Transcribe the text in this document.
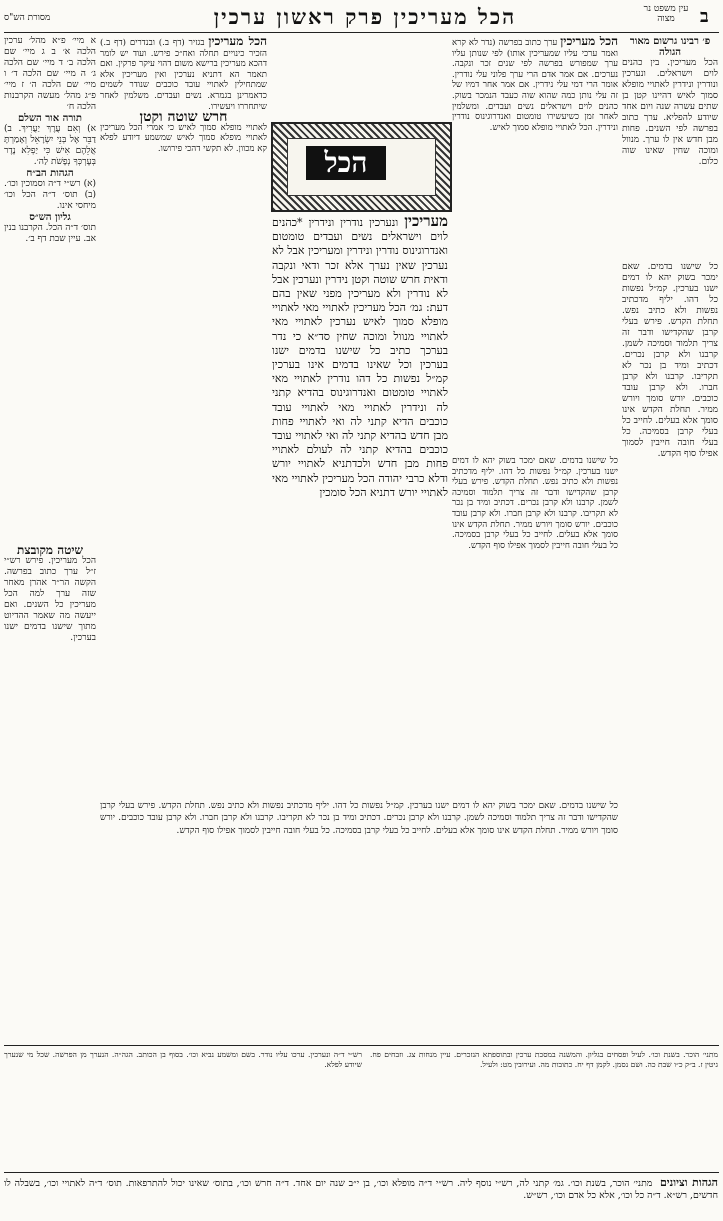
מסורת הש"ס	הכל מעריכין פרק ראשון ערכין	עין משפט נר מצוה	ב

פ׳ רבינו גרשום מאור הגולה

הכל מעריכין. בין כהנים לוים וישראלים. ונערכין ונודרין ונידרין לאתויי מופלא סמוך לאיש דהיינו קטן בן שתים עשרה שנה ויום אחד שיודע להפליא. ערך כתוב בפרשה לפי השנים. פחות מבן חדש אין לו ערך. מנוול ומוכה שחין שאינו שוה כלום.

הכל מעריכין ערך כתוב בפרשה (נדר לא קרא ואמר ערכי עליו שמעריכין אותו) לפי שנותן עליו ערך שמפורש בפרשה לפי שנים זכר ונקבה. נערכים. אם אמר אדם הרי ערך פלוני עלי נודרין. אומר הרי דמי עלי נידרין. אם אמר אחר דמיו של זה עלי נותן כמה שהוא שוה כעבד הנמכר בשוק. כהנים לוים וישראלים נשים ועבדים. ומשלמין לאחר זמן כשיעשירו טומטום ואנדרוגינוס נודרין ונידרין. הכל לאתויי מופלא סמוך לאיש.

הכל מעריכין בגזיר (דף ב.) ובנדרים (דף ב.) הזכיר כינויים תחלה ואח״כ פירש. ועוד יש לומר דהכא מעריכין ברישא משום דהוי עיקר פרקין. ואם תאמר הא דתניא נערכין ואין מעריכין אלא שמתחילין לאתויי עובד כוכבים שנודר לשמים כדאמרינן בגמרא. נשים ועבדים. משלמין לאחר שיתחררו ויעשירו.

חרש שוטה וקטן

לאתויי מופלא סמוך לאיש כי אמרי הכל מעריכין לאתויי מופלא סמוך לאיש שמשמע דיודע לפלא קא מכוון. לא תקשי דהכי פירושו.

א מיי׳ פ״א מהל׳ ערכין הלכה א׳ ב ג מיי׳ שם הלכה ב׳ ד מיי׳ שם הלכה ג׳ ה מיי׳ שם הלכה ד׳ ו מיי׳ שם הלכה ה׳ ז מיי׳ פ״ג מהל׳ מעשה הקרבנות הלכה ח׳

תורה אור השלם

א) וְאִם עֲרֶךְ יַעֲרִיךְ. ב) דַבֵּר אֶל בְּנֵי יִשְׂרָאֵל וְאָמַרְתָּ אֲלֵהֶם אִישׁ כִּי יַפְלִא נֶדֶר בְּעֶרְכְּךָ נְפָשֹׁת לַה׳.

הגהות הב״ח

(א) רש״י ד״ה וסמוכין וכו׳. (ב) תוס׳ ד״ה הכל וכו׳ מיחסי אינו.

גליון הש״ס

תוס׳ ד״ה הכל. הקרבנו בנין אב. עיין שבת דף ב׳.

שיטה מקובצת

הכל מעריכין. פירש רש״י ז״ל ערך כתוב בפרשה. הקשה הר״ר אהרן מאחר שזה ערך למה הכל מעריכין כל השנים. ואם ייעשה מה שאמר ההדיוט מתוך שישנו בדמים ישנו בערכין.

הכל

מעריכין ונערכין נודרין ונידרין *כהנים לוים וישראלים נשים ועבדים טומטום ואנדרוגינוס נודרין ונידרין ומעריכין אבל לא נערכין שאין נערך אלא זכר ודאי ונקבה ודאית חרש שוטה וקטן נידרין ונערכין אבל לא נודרין ולא מעריכין מפני שאין בהם דעת: גמ׳ הכל מעריכין לאתויי מאי לאתויי מופלא סמוך לאיש נערכין לאתויי מאי לאתויי מנוול ומוכה שחין סד״א כי נדר בערכך כתיב כל שישנו בדמים ישנו בערכין וכל שאינו בדמים אינו בערכין קמ״ל נפשות כל דהו נודרין לאתויי מאי לאתויי טומטום ואנדרוגינוס בהדיא קתני לה ונידרין לאתויי מאי לאתויי עובד כוכבים הדיא קתני לה ואי לאתויי פחות מבן חדש בהדיא קתני לה ואי לאתויי עובד כוכבים בהדיא קתני לה לעולם לאתויי פחות מבן חדש ולכדתניא לאתויי יורש ודלא כרבי יהודה הכל מעריכין לאתויי מאי לאתויי יורש דתניא הכל סומכין

כל שישנו בדמים. שאם ימכר בשוק יהא לו דמים ישנו בערכין. קמ״ל נפשות כל דהו. יליף מדכתיב נפשות ולא כתיב נפש. תחלת הקדש. פירש בעלי קרבן שהקדישו ודבר זה צריך תלמוד וסמיכה לשמן. קרבנו ולא קרבן נכרים. דכתיב ומיד בן נכר לא תקריבו. קרבנו ולא קרבן חברו. ולא קרבן עובד כוכבים. יורש סומך ויורש ממיר. תחלת הקדש אינו סומך אלא בעלים. לחייב כל בעלי קרבן בסמיכה. כל בעלי חובה חייבין לסמוך אפילו סוף הקדש.

כל שישנו בדמים. שאם ימכר בשוק יהא לו דמים ישנו בערכין. קמ״ל נפשות כל דהו. יליף מדכתיב נפשות ולא כתיב נפש. תחלת הקדש. פירש בעלי קרבן שהקדישו ודבר זה צריך תלמוד וסמיכה לשמן. קרבנו ולא קרבן נכרים. דכתיב ומיד בן נכר לא תקריבו. קרבנו ולא קרבן חברו. ולא קרבן עובד כוכבים. יורש סומך ויורש ממיר. תחלת הקדש אינו סומך אלא בעלים. לחייב כל בעלי קרבן בסמיכה. כל בעלי חובה חייבין לסמוך אפילו סוף הקדש.

כל שישנו בדמים. שאם ימכר בשוק יהא לו דמים ישנו בערכין. קמ״ל נפשות כל דהו. יליף מדכתיב נפשות ולא כתיב נפש. תחלת הקדש. פירש בעלי קרבן שהקדישו ודבר זה צריך תלמוד וסמיכה לשמן. קרבנו ולא קרבן נכרים. דכתיב ומיד בן נכר לא תקריבו. קרבנו ולא קרבן חברו. ולא קרבן עובד כוכבים. יורש סומך ויורש ממיר. תחלת הקדש אינו סומך אלא בעלים. לחייב כל בעלי קרבן בסמיכה. כל בעלי חובה חייבין לסמוך אפילו סוף הקדש.

מתני׳ הוכר. בשנת וכו׳. לעיל ופסחים בגליון. והמשנה במסכת ערכין ובתוספתא הנזכרים. עיין מנחות צג. וזבחים פח. גיטין ז. ב״ק כ״ו שבת כה. ושם נסמן. לקמן דף יח. כתובות מה. ועירובין מט: ולעיל.

רש״י ד״ה ונערכין. ערכו עליו נודר. בשם ומשמע נביא וכו׳. בסוף בן הכותב. הגה״ה. הנערך מן הפרשה. שכל מי שנערך שיודע לפלא.

הגהות וציונים  מתני׳ הוכר, בשנת וכו׳. גמ׳ קתני לה, רש״י נוסף ליה. רש״י ד״ה מופלא וכו׳, בן י״ב שנה יום אחד. ד״ה חרש וכו׳, בתוס׳ שאינו יכול להתרפאות. תוס׳ ד״ה לאתויי וכו׳, בשבלה לו חדשים, רש״א. ד״ה כל וכו׳, אלא כל אדם וכו׳, רש״ש.
